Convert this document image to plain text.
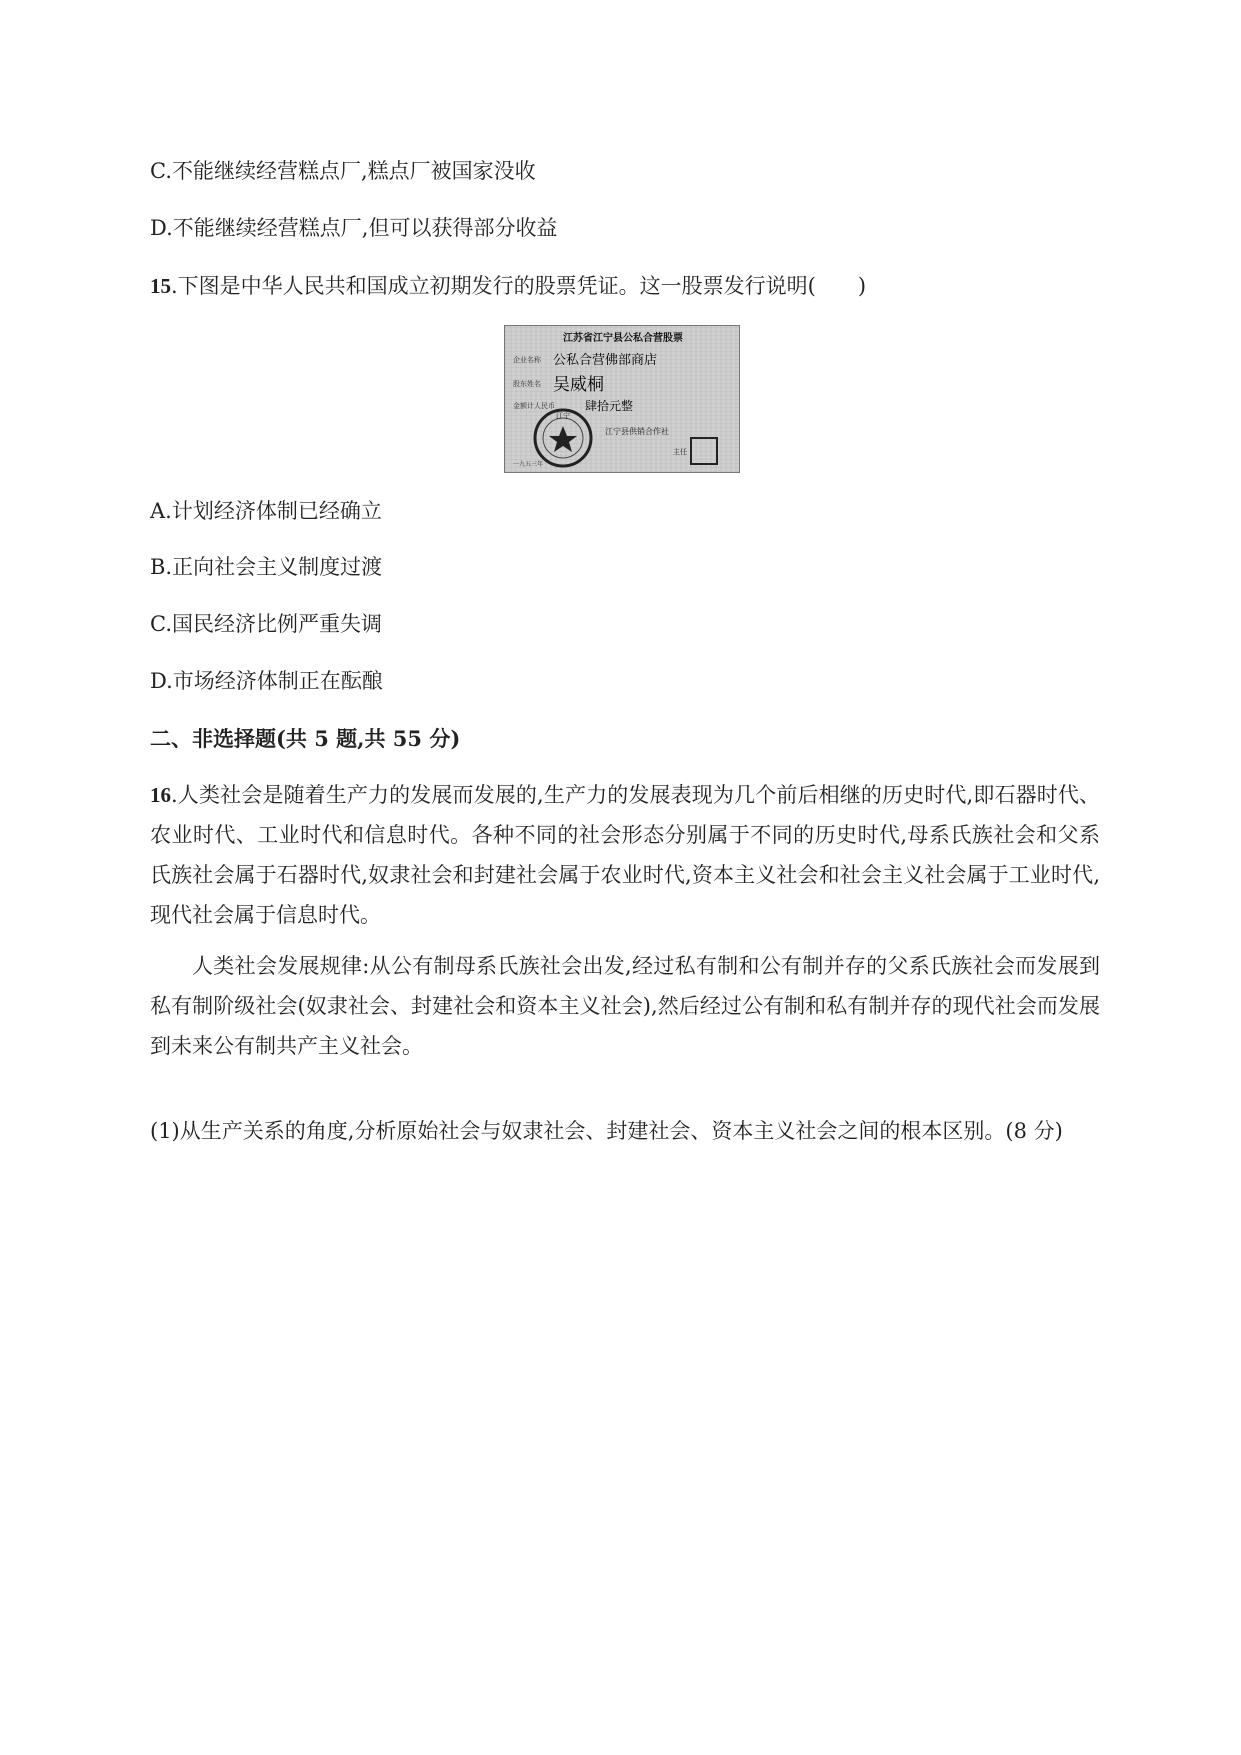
C.不能继续经营糕点厂,糕点厂被国家没收
D.不能继续经营糕点厂,但可以获得部分收益
15.下图是中华人民共和国成立初期发行的股票凭证。这一股票发行说明(　　)
江苏省江宁县公私合营股票
企业名称 公私合营佛部商店
股东姓名 吴威桐
金额计人民币	肆拾元整
江宁
江宁县供销合作社
主任
一九五三年
A.计划经济体制已经确立
B.正向社会主义制度过渡
C.国民经济比例严重失调
D.市场经济体制正在酝酿
二、非选择题(共 5 题,共 55 分)

16.人类社会是随着生产力的发展而发展的,生产力的发展表现为几个前后相继的历史时代,即石器时代、农业时代、工业时代和信息时代。各种不同的社会形态分别属于不同的历史时代,母系氏族社会和父系氏族社会属于石器时代,奴隶社会和封建社会属于农业时代,资本主义社会和社会主义社会属于工业时代,现代社会属于信息时代。

人类社会发展规律:从公有制母系氏族社会出发,经过私有制和公有制并存的父系氏族社会而发展到私有制阶级社会(奴隶社会、封建社会和资本主义社会),然后经过公有制和私有制并存的现代社会而发展到未来公有制共产主义社会。

(1)从生产关系的角度,分析原始社会与奴隶社会、封建社会、资本主义社会之间的根本区别。(8 分)
